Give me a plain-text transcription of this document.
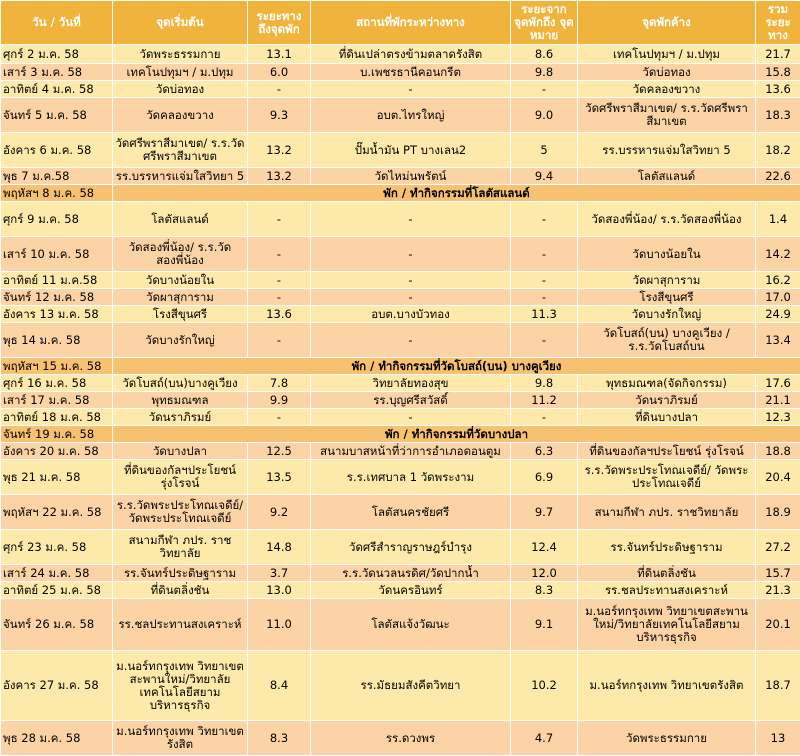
วัน / วันที่	จุดเริ่มต้น	ระยะทาง ถึงจุดพัก	สถานที่พักระหว่างทาง	ระยะจาก จุดพักถึง จุดหมาย	จุดพักค้าง	รวม ระยะ ทาง
ศุกร์ 2 ม.ค. 58	วัดพระธรรมกาย	13.1	ที่ดินเปล่าตรงข้ามตลาดรังสิต	8.6	เทคโนปทุมฯ / ม.ปทุม	21.7
เสาร์ 3 ม.ค. 58	เทคโนปทุมฯ / ม.ปทุม	6.0	บ.เพชรธานีคอนกรีต	9.8	วัดบ่อทอง	15.8
อาทิตย์ 4 ม.ค. 58	วัดบ่อทอง	-	-	-	วัดคลองขวาง	13.6
จันทร์ 5 ม.ค. 58	วัดคลองขวาง	9.3	อบต.ไทรใหญ่	9.0	วัดศรีพราสีมาเขต/ ร.ร.วัดศรีพราสีมาเขต	18.3
อังคาร 6 ม.ค. 58	วัดศรีพราสีมาเขต/ ร.ร.วัดศรีพราสีมาเขต	13.2	ปั๊มน้ำมัน PT บางเลน2	5	รร.บรรหารแจ่มใสวิทยา 5	18.2
พุธ 7 ม.ค.58	รร.บรรหารแจ่มใสวิทยา 5	13.2	วัดไหม่นพรัตน์	9.4	โลตัสแลนด์	22.6
พฤหัสฯ 8 ม.ค. 58	พัก / ทำกิจกรรมที่โลตัสแลนด์					
ศุกร์ 9 ม.ค. 58	โลตัสแลนด์	-	-	-	วัดสองพี่น้อง/ ร.ร.วัดสองพี่น้อง	1.4
เสาร์ 10 ม.ค. 58	วัดสองพี่น้อง/ ร.ร.วัดสองพี่น้อง	-	-	-	วัดบางน้อยใน	14.2
อาทิตย์ 11 ม.ค.58	วัดบางน้อยใน	-	-	-	วัดผาสุการาม	16.2
จันทร์ 12 ม.ค. 58	วัดผาสุการาม	-	-	-	โรงสีขุนศรี	17.0
อังคาร 13 ม.ค. 58	โรงสีขุนศรี	13.6	อบต.บางบัวทอง	11.3	วัดบางรักใหญ่	24.9
พุธ 14 ม.ค. 58	วัดบางรักใหญ่	-	-	-	วัดโบสถ์(บน) บางคูเวียง / ร.ร.วัดโบสถ์บน	13.4
พฤหัสฯ 15 ม.ค. 58	พัก / ทำกิจกรรมที่วัดโบสถ์(บน) บางคูเวียง					
ศุกร์ 16 ม.ค. 58	วัดโบสถ์(บน)บางคูเวียง	7.8	วิทยาลัยทองสุข	9.8	พุทธมณฑล(จัดกิจกรรม)	17.6
เสาร์ 17 ม.ค. 58	พุทธมณฑล	9.9	รร.บุญศรีสวัสดิ์	11.2	วัดนราภิรมย์	21.1
อาทิตย์ 18 ม.ค. 58	วัดนราภิรมย์	-	-	-	ที่ดินบางปลา	12.3
จันทร์ 19 ม.ค. 58	พัก / ทำกิจกรรมที่วัดบางปลา					
อังคาร 20 ม.ค. 58	วัดบางปลา	12.5	สนามบาสหน้าที่ว่าการอำเภอดอนตูม	6.3	ที่ดินของกัลฯประโยชน์ รุ่งโรจน์	18.8
พุธ 21 ม.ค. 58	ที่ดินของกัลฯประโยชน์ รุ่งโรจน์	13.5	ร.ร.เทศบาล 1 วัดพระงาม	6.9	ร.ร.วัดพระประโทณเจดีย์/ วัดพระประโทณเจดีย์	20.4
พฤหัสฯ 22 ม.ค. 58	ร.ร.วัดพระประโทณเจดีย์/ วัดพระประโทณเจดีย์	9.2	โลตัสนครชัยศรี	9.7	สนามกีฬา ภปร. ราชวิทยาลัย	18.9
ศุกร์ 23 ม.ค. 58	สนามกีฬา ภปร. ราช วิทยาลัย	14.8	วัดศรีสำราญราษฎร์บำรุง	12.4	รร.จันทร์ประดิษฐาราม	27.2
เสาร์ 24 ม.ค. 58	รร.จันทร์ประดิษฐาราม	3.7	ร.ร.วัดนวลนรดิศ/วัดปากน้ำ	12.0	ที่ดินตลิ่งชัน	15.7
อาทิตย์ 25 ม.ค. 58	ที่ดินตลิ่งชัน	13.0	วัดนครอินทร์	8.3	รร.ชลประทานสงเคราะห์	21.3
จันทร์ 26 ม.ค. 58	รร.ชลประทานสงเคราะห์	11.0	โลตัสแจ้งวัฒนะ	9.1	ม.นอร์ทกรุงเทพ วิทยาเขตสะพานใหม่/วิทยาลัยเทคโนโลยีสยามบริหารธุรกิจ	20.1
อังคาร 27 ม.ค. 58	ม.นอร์ทกรุงเทพ วิทยาเขต สะพานใหม่/วิทยาลัย เทคโนโลยีสยาม บริหารธุรกิจ	8.4	รร.มัธยมสังคีตวิทยา	10.2	ม.นอร์ทกรุงเทพ วิทยาเขตรังสิต	18.7
พุธ 28 ม.ค. 58	ม.นอร์ทกรุงเทพ วิทยาเขต รังสิต	8.3	รร.ดวงพร	4.7	วัดพระธรรมกาย	13
